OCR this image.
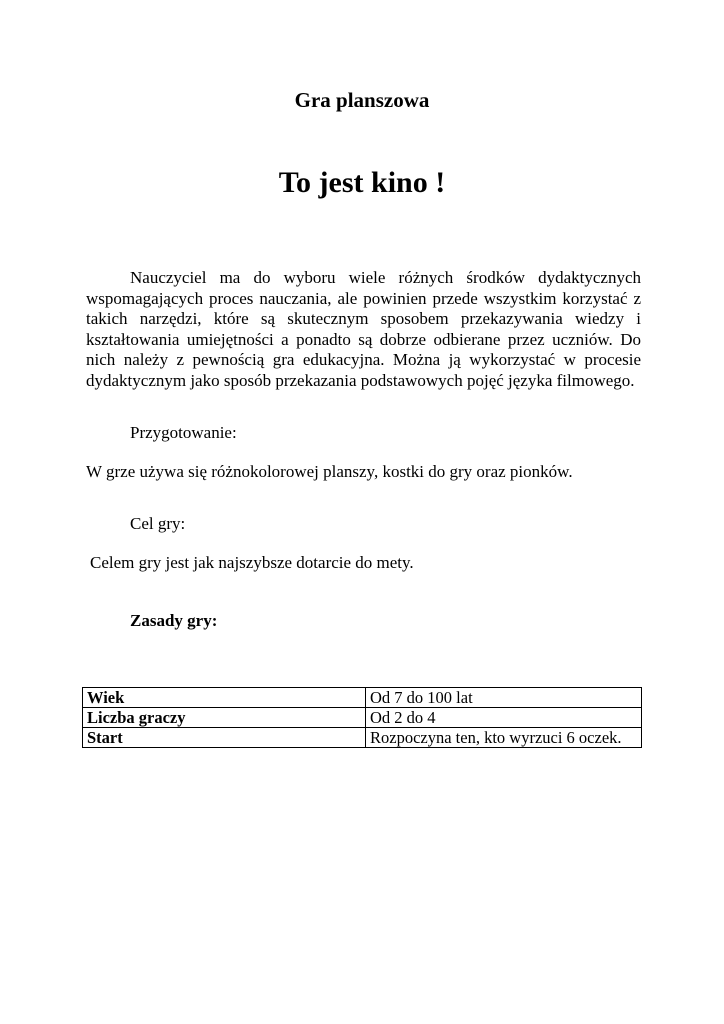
Gra planszowa
To jest kino !

Nauczyciel ma do wyboru wiele różnych środków dydaktycznych wspomagających proces nauczania, ale powinien przede wszystkim korzystać z takich narzędzi, które są skutecznym sposobem przekazywania wiedzy i kształtowania umiejętności a ponadto są dobrze odbierane przez uczniów. Do nich należy z pewnością gra edukacyjna. Można ją wykorzystać w procesie dydaktycznym jako sposób przekazania podstawowych pojęć języka filmowego.

Przygotowanie:
W grze używa się różnokolorowej planszy, kostki do gry oraz pionków.
Cel gry:
Celem gry jest jak najszybsze dotarcie do mety.
Zasady gry:
Wiek	Od 7 do 100 lat
Liczba graczy	Od 2 do 4
Start	Rozpoczyna ten, kto wyrzuci 6 oczek.
